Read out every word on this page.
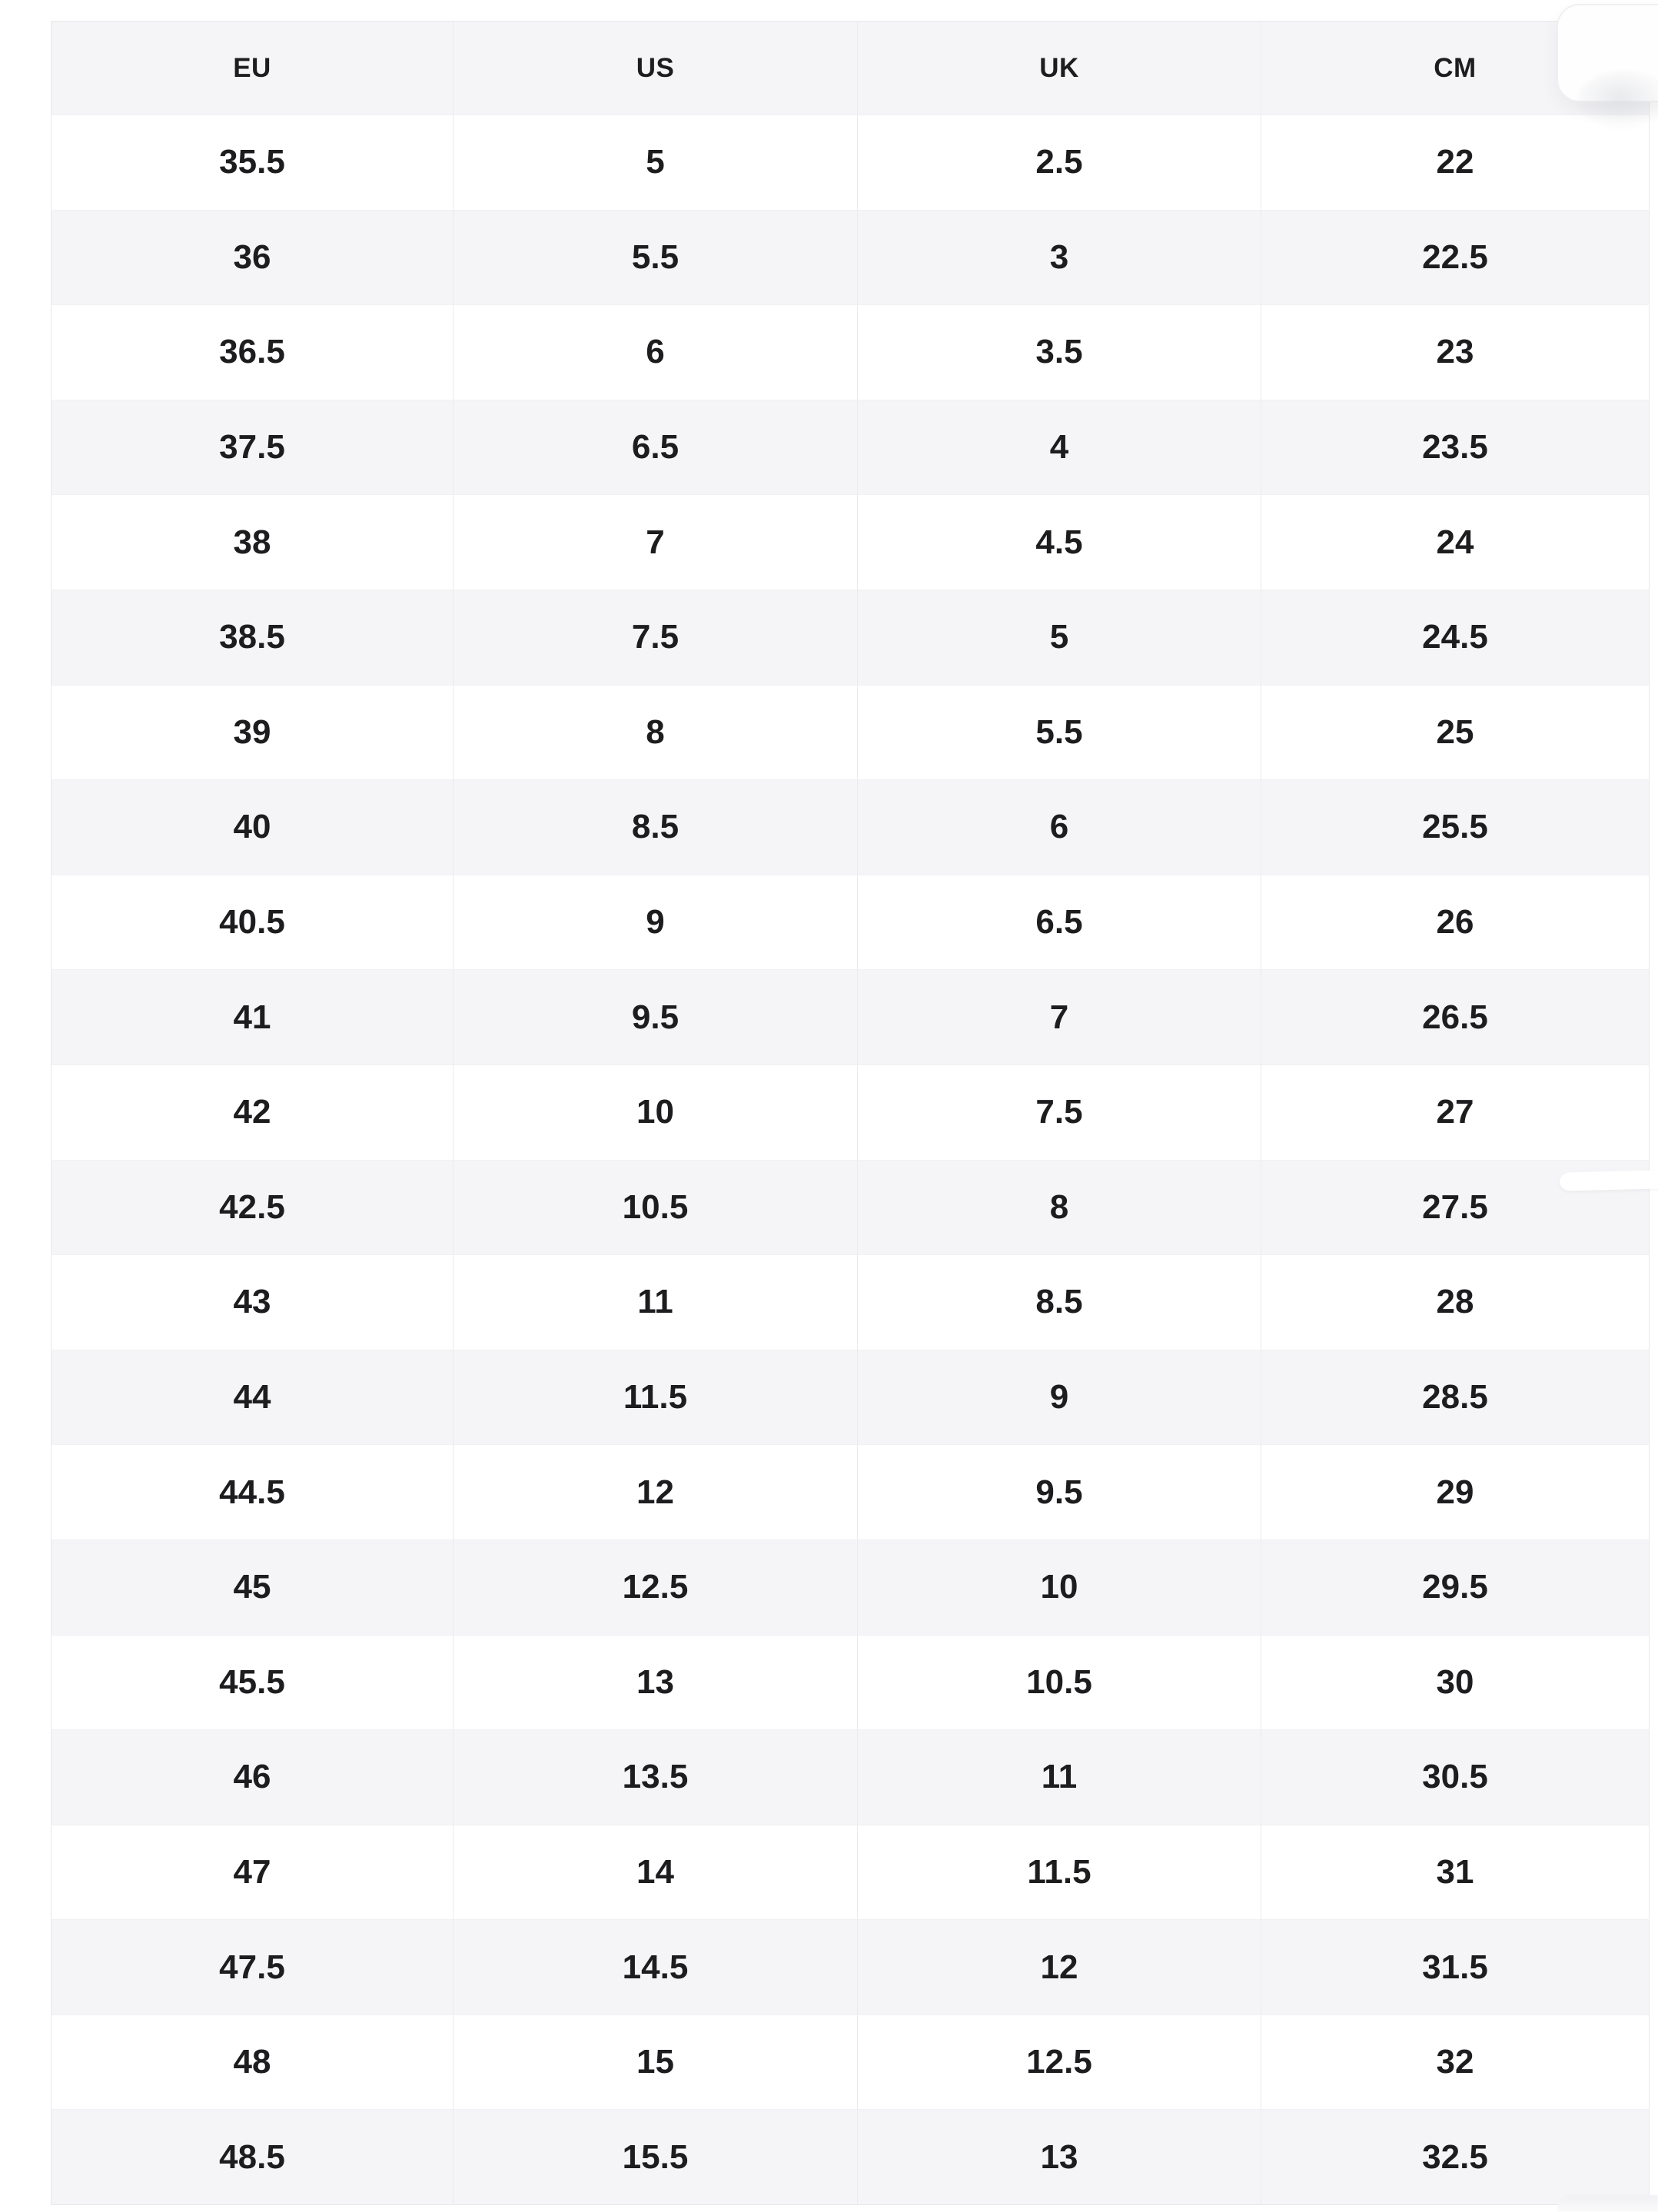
EU	US	UK	CM
35.5	5	2.5	22
36	5.5	3	22.5
36.5	6	3.5	23
37.5	6.5	4	23.5
38	7	4.5	24
38.5	7.5	5	24.5
39	8	5.5	25
40	8.5	6	25.5
40.5	9	6.5	26
41	9.5	7	26.5
42	10	7.5	27
42.5	10.5	8	27.5
43	11	8.5	28
44	11.5	9	28.5
44.5	12	9.5	29
45	12.5	10	29.5
45.5	13	10.5	30
46	13.5	11	30.5
47	14	11.5	31
47.5	14.5	12	31.5
48	15	12.5	32
48.5	15.5	13	32.5
